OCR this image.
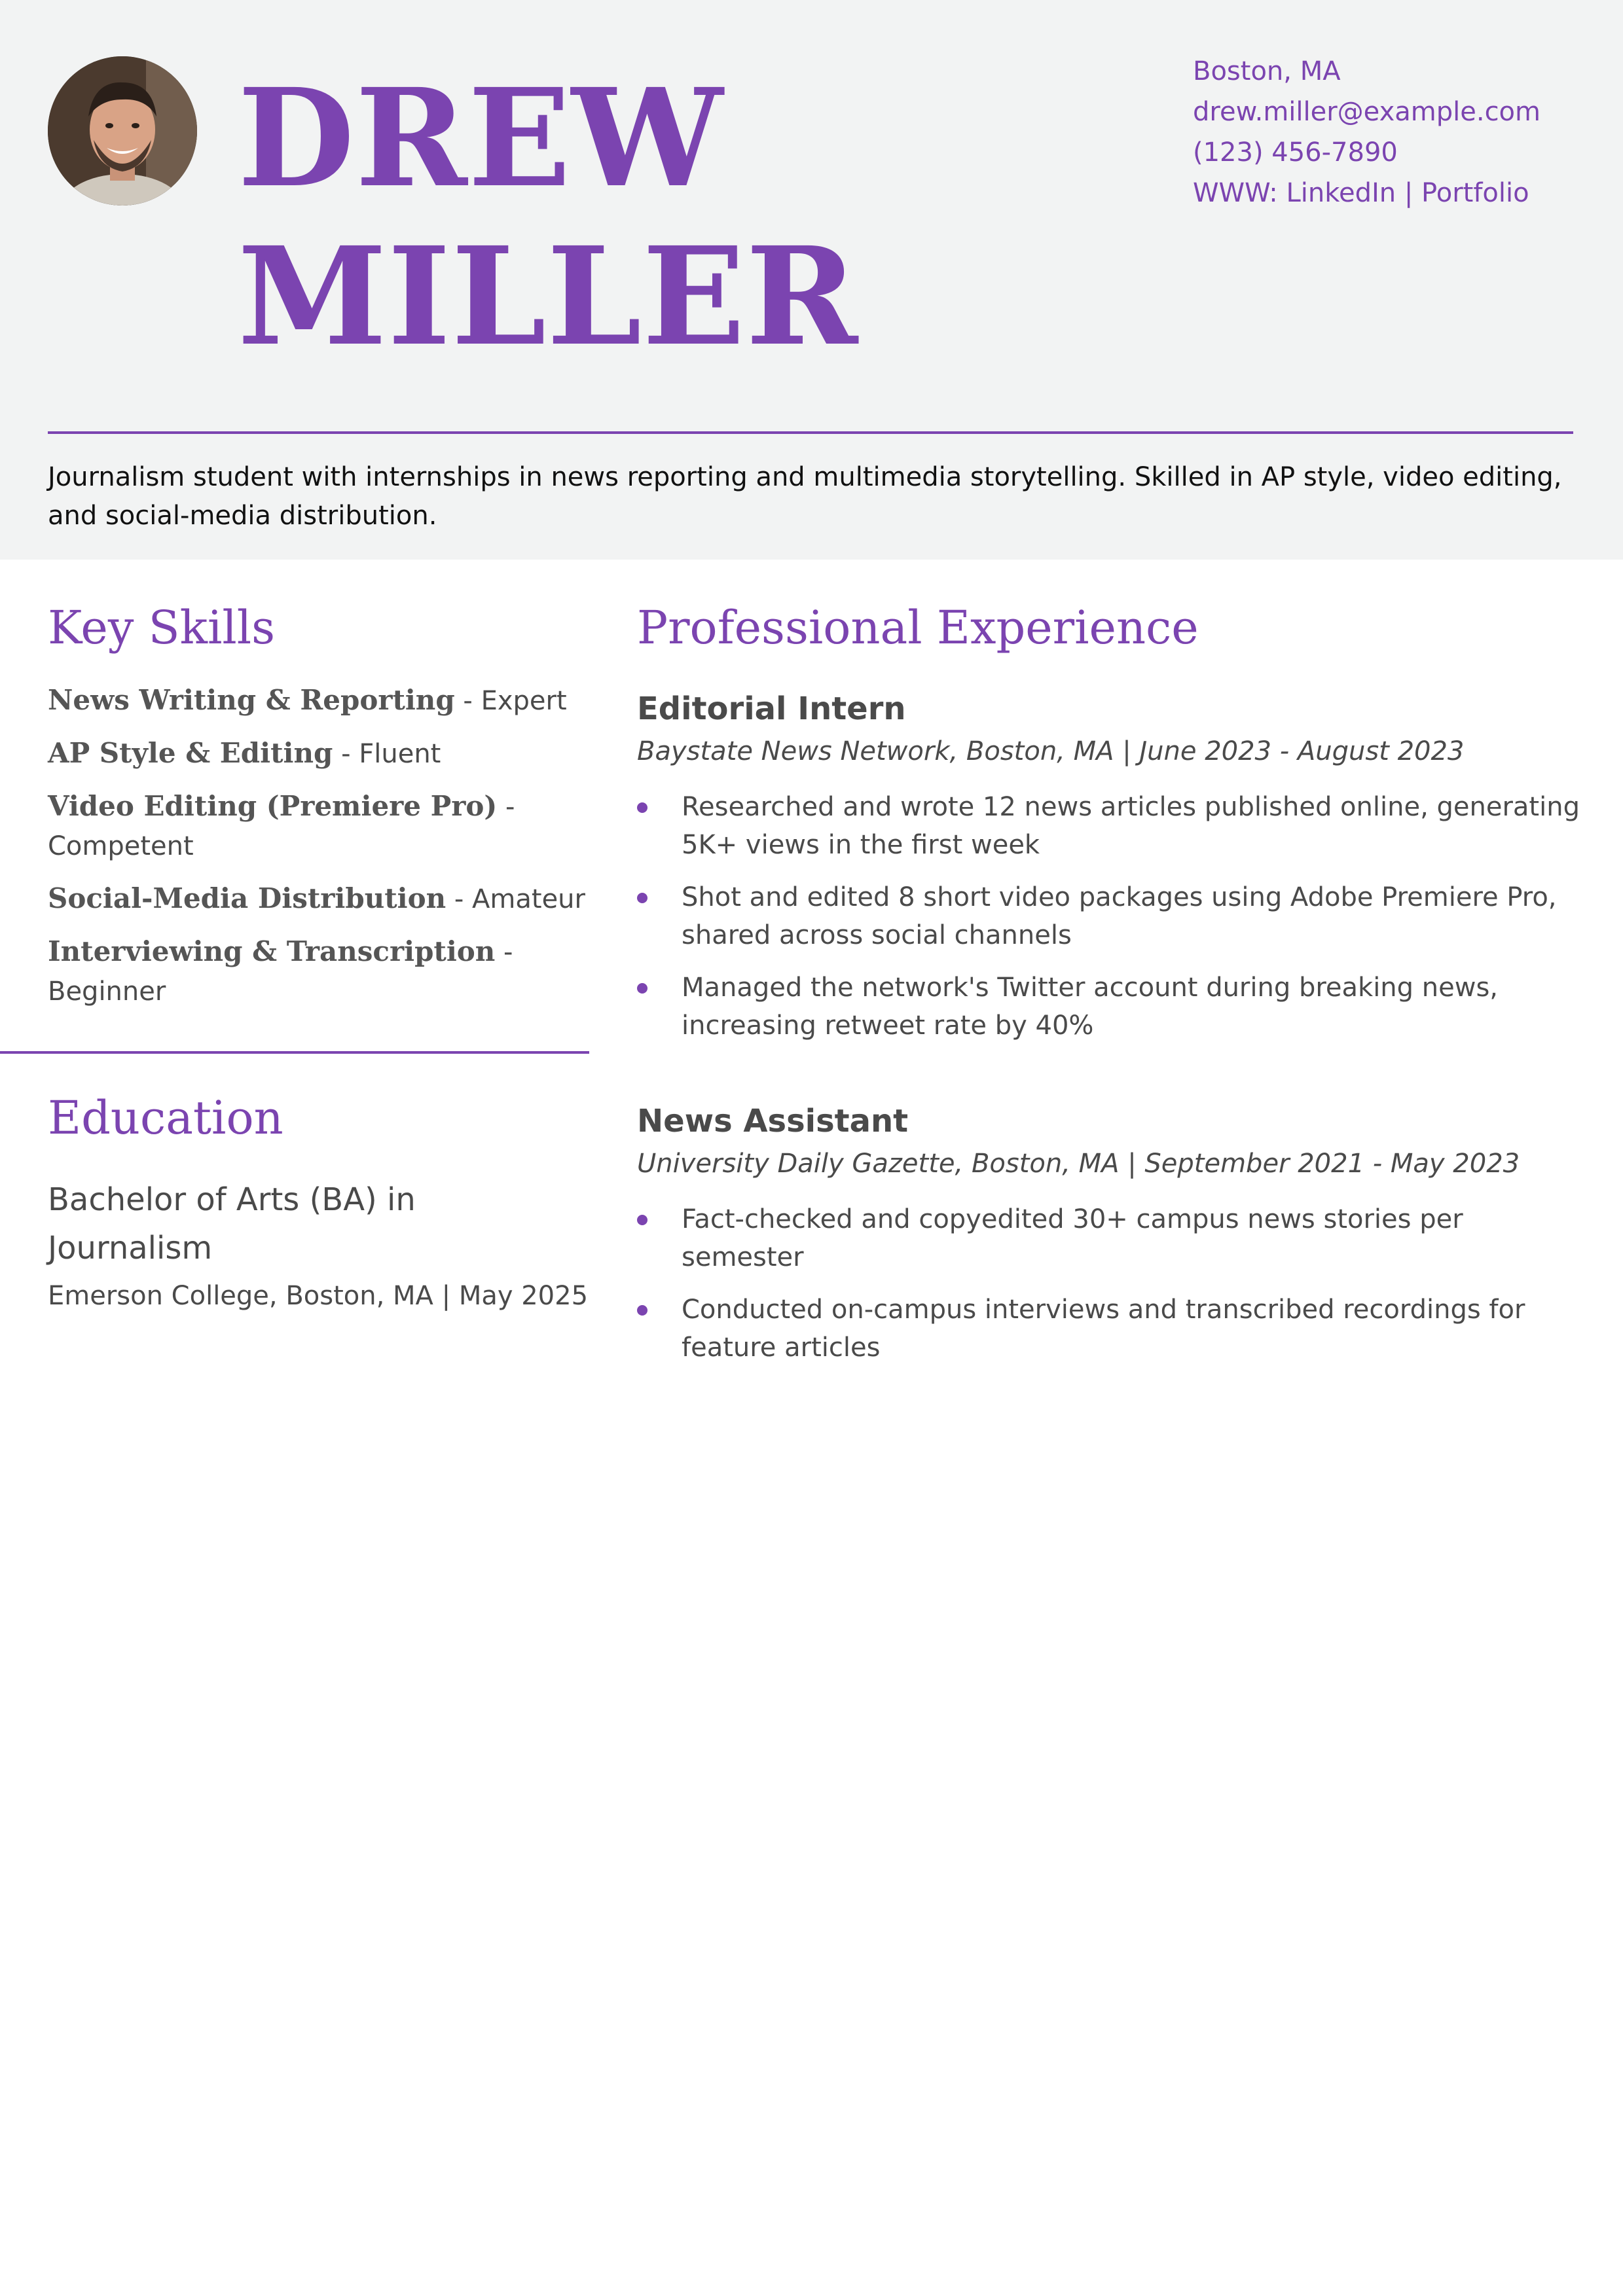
DREW
MILLER
Boston, MA
drew.miller@example.com
(123) 456-7890
WWW: LinkedIn | Portfolio

Journalism student with internships in news reporting and multimedia storytelling. Skilled in AP style, video editing, and social-media distribution.

Key Skills
News Writing & Reporting - Expert
AP Style & Editing - Fluent
Video Editing (Premiere Pro) -
Competent
Social-Media Distribution - Amateur
Interviewing & Transcription -
Beginner
Education
Bachelor of Arts (BA) in Journalism
Emerson College, Boston, MA | May 2025
Professional Experience
Editorial Intern
Baystate News Network, Boston, MA | June 2023 - August 2023
Researched and wrote 12 news articles published online, generating 5K+ views in the first week
Shot and edited 8 short video packages using Adobe Premiere Pro, shared across social channels
Managed the network's Twitter account during breaking news, increasing retweet rate by 40%
News Assistant
University Daily Gazette, Boston, MA | September 2021 - May 2023
Fact-checked and copyedited 30+ campus news stories per semester
Conducted on-campus interviews and transcribed recordings for feature articles
